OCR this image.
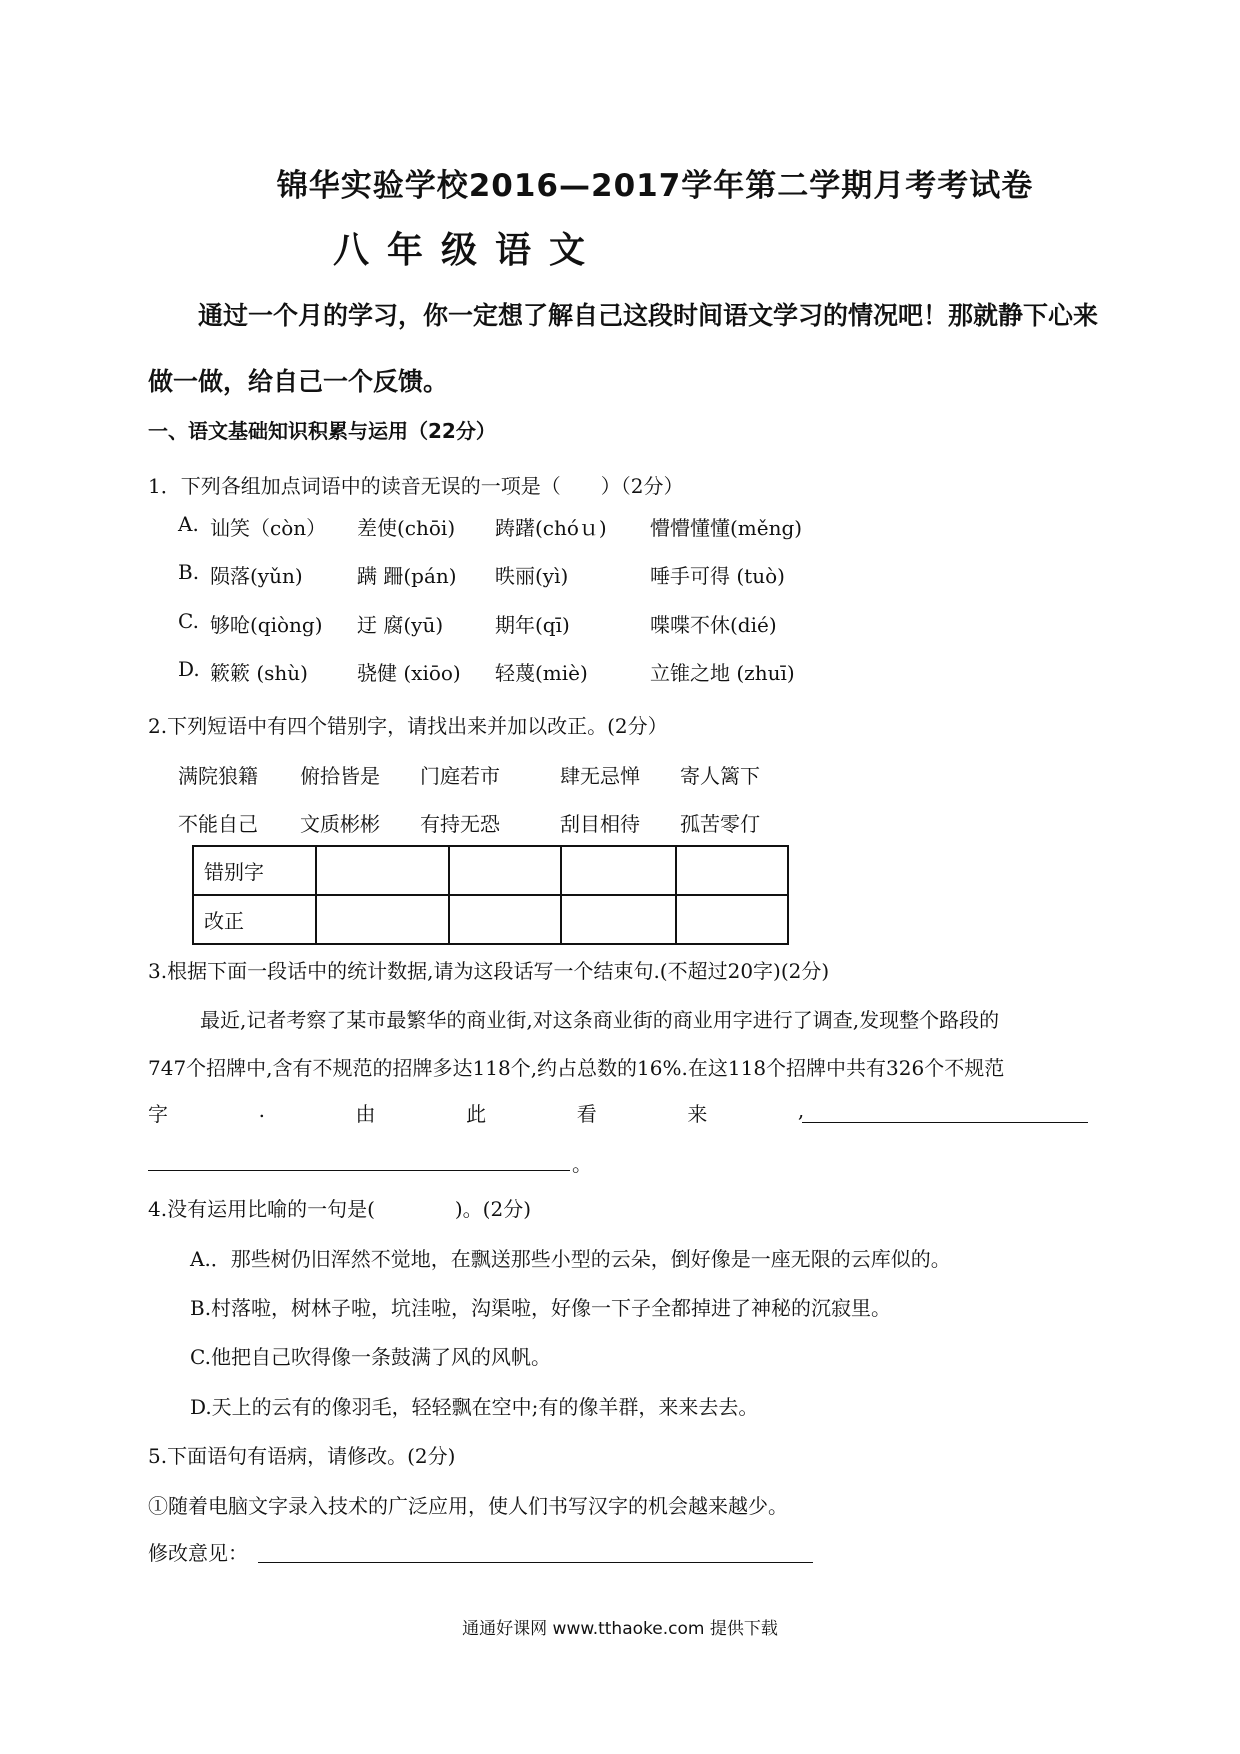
锦华实验学校2016—2017学年第二学期月考考试卷
八年级语文
通过一个月的学习，你一定想了解自己这段时间语文学习的情况吧！那就静下心来
做一做，给自己一个反馈。
一、语文基础知识积累与运用（22分）
1．下列各组加点词语中的读音无误的一项是（　　）（2分）
A. 讪笑（còn） 差使(chōi) 踌躇(chóｕ) 懵懵懂懂(měng)
B. 陨落(yǔn)	蹒 跚(pán) 昳丽(yì)	唾手可得 (tuò)
C. 够呛(qiòng) 迂 腐(yū)	期年(qī)	喋喋不休(dié)
D. 簌簌 (shù) 骁健 (xiōo) 轻蔑(miè)	立锥之地 (zhuī)
2.下列短语中有四个错别字，请找出来并加以改正。(2分）
满院狼籍 俯拾皆是 门庭若市	肆无忌惮 寄人篱下
不能自己 文质彬彬 有持无恐	刮目相待 孤苦零仃
错别字				
改正				
3.根据下面一段话中的统计数据,请为这段话写一个结束句.(不超过20字)(2分)
最近,记者考察了某市最繁华的商业街,对这条商业街的商业用字进行了调查,发现整个路段的
747个招牌中,含有不规范的招牌多达118个,约占总数的16%.在这118个招牌中共有326个不规范
字	.	由	此	看	来	,
。
4.没有运用比喻的一句是(　　　　)。(2分)
A.．那些树仍旧浑然不觉地，在飘送那些小型的云朵，倒好像是一座无限的云库似的。
B.村落啦，树林子啦，坑洼啦，沟渠啦，好像一下子全都掉进了神秘的沉寂里。
C.他把自己吹得像一条鼓满了风的风帆。
D.天上的云有的像羽毛，轻轻飘在空中;有的像羊群，来来去去。
5.下面语句有语病，请修改。(2分)
①随着电脑文字录入技术的广泛应用，使人们书写汉字的机会越来越少。
修改意见：
通通好课网 www.tthaoke.com 提供下载
